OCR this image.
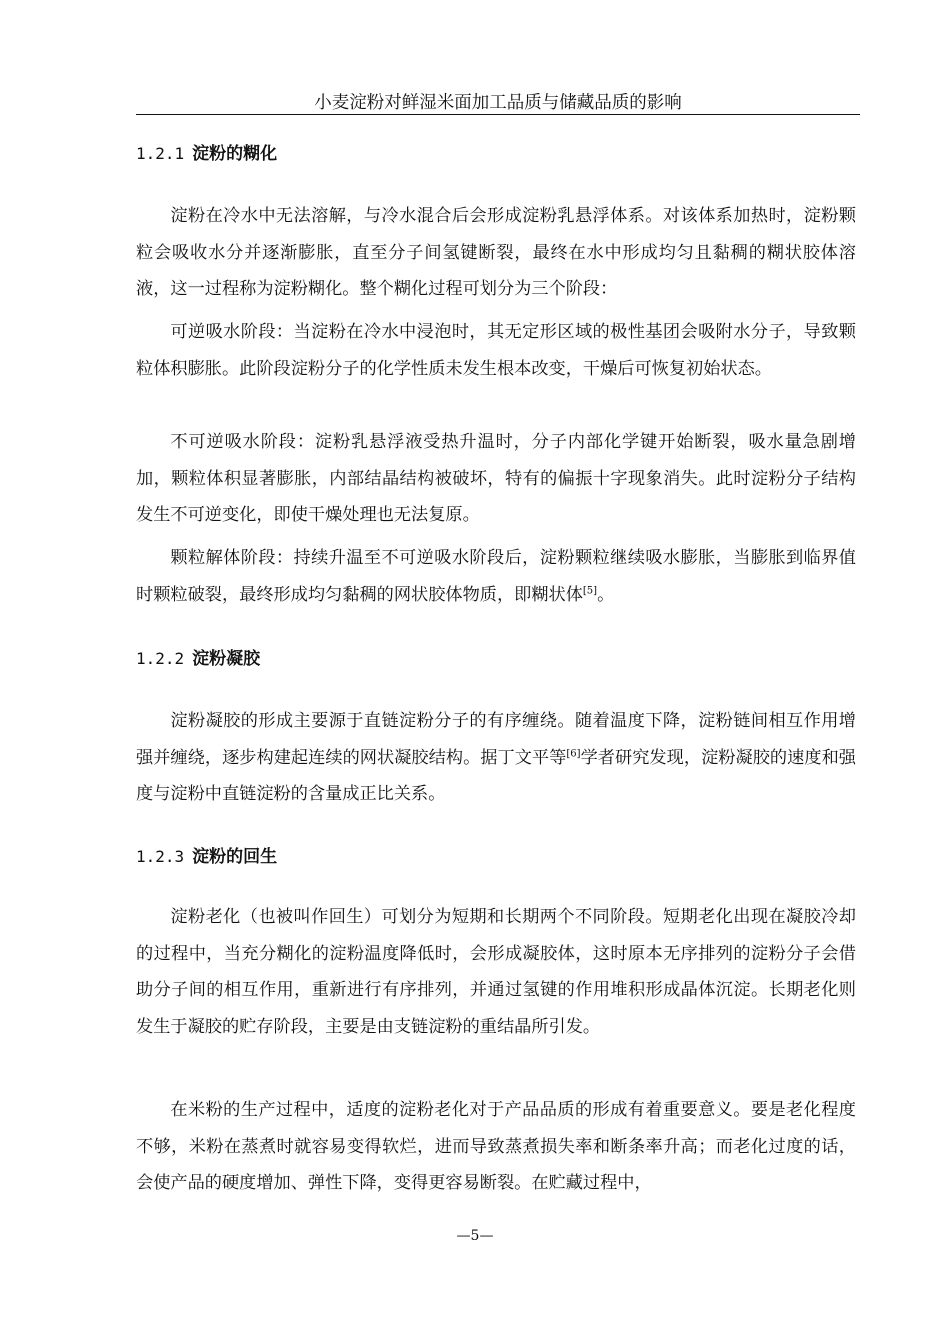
小麦淀粉对鲜湿米面加工品质与储藏品质的影响
1.2.1 淀粉的糊化

淀粉在冷水中无法溶解，与冷水混合后会形成淀粉乳悬浮体系。对该体系加热时，淀粉颗粒会吸收水分并逐渐膨胀，直至分子间氢键断裂，最终在水中形成均匀且黏稠的糊状胶体溶液，这一过程称为淀粉糊化。整个糊化过程可划分为三个阶段：

可逆吸水阶段：当淀粉在冷水中浸泡时，其无定形区域的极性基团会吸附水分子，导致颗粒体积膨胀。此阶段淀粉分子的化学性质未发生根本改变，干燥后可恢复初始状态。

不可逆吸水阶段：淀粉乳悬浮液受热升温时，分子内部化学键开始断裂，吸水量急剧增加，颗粒体积显著膨胀，内部结晶结构被破坏，特有的偏振十字现象消失。此时淀粉分子结构发生不可逆变化，即使干燥处理也无法复原。

颗粒解体阶段：持续升温至不可逆吸水阶段后，淀粉颗粒继续吸水膨胀，当膨胀到临界值时颗粒破裂，最终形成均匀黏稠的网状胶体物质，即糊状体[5]。

1.2.2 淀粉凝胶

淀粉凝胶的形成主要源于直链淀粉分子的有序缠绕。随着温度下降，淀粉链间相互作用增强并缠绕，逐步构建起连续的网状凝胶结构。据丁文平等[6]学者研究发现，淀粉凝胶的速度和强度与淀粉中直链淀粉的含量成正比关系。

1.2.3 淀粉的回生

淀粉老化（也被叫作回生）可划分为短期和长期两个不同阶段。短期老化出现在凝胶冷却的过程中，当充分糊化的淀粉温度降低时，会形成凝胶体，这时原本无序排列的淀粉分子会借助分子间的相互作用，重新进行有序排列，并通过氢键的作用堆积形成晶体沉淀。长期老化则发生于凝胶的贮存阶段，主要是由支链淀粉的重结晶所引发。

在米粉的生产过程中，适度的淀粉老化对于产品品质的形成有着重要意义。要是老化程度不够，米粉在蒸煮时就容易变得软烂，进而导致蒸煮损失率和断条率升高；而老化过度的话，会使产品的硬度增加、弹性下降，变得更容易断裂。在贮藏过程中，

—5—
